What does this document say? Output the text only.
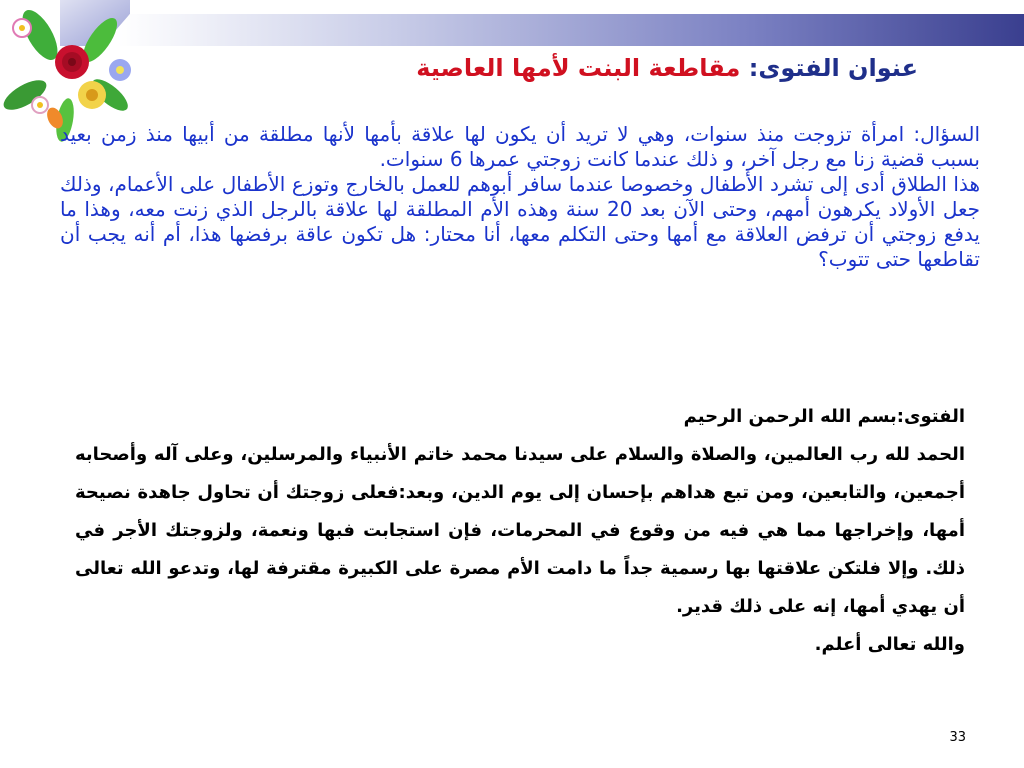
عنوان الفتوى: مقاطعة البنت لأمها العاصية

السؤال: امرأة تزوجت منذ سنوات، وهي لا تريد أن يكون لها علاقة بأمها لأنها مطلقة من أبيها منذ زمن بعيد بسبب قضية زنا مع رجل آخر، و ذلك عندما كانت زوجتي عمرها 6 سنوات.

هذا الطلاق أدى إلى تشرد الأطفال وخصوصا عندما سافر أبوهم للعمل بالخارج وتوزع الأطفال على الأعمام، وذلك جعل الأولاد يكرهون أمهم، وحتى الآن بعد 20 سنة وهذه الأم المطلقة لها علاقة بالرجل الذي زنت معه، وهذا ما يدفع زوجتي أن ترفض العلاقة مع أمها وحتى التكلم معها، أنا محتار: هل تكون عاقة برفضها هذا، أم أنه يجب أن تقاطعها حتى تتوب؟

الفتوى:بسم الله الرحمن الرحيم

الحمد لله رب العالمين، والصلاة والسلام على سيدنا محمد خاتم الأنبياء والمرسلين، وعلى آله وأصحابه أجمعين، والتابعين، ومن تبع هداهم بإحسان إلى يوم الدين، وبعد:فعلى زوجتك أن تحاول جاهدة نصيحة أمها، وإخراجها مما هي فيه من وقوع في المحرمات، فإن استجابت فبها ونعمة، ولزوجتك الأجر في ذلك. وإلا فلتكن علاقتها بها رسمية جداً ما دامت الأم مصرة على الكبيرة مقترفة لها، وتدعو الله تعالى أن يهدي أمها، إنه على ذلك قدير.

والله تعالى أعلم.

33
